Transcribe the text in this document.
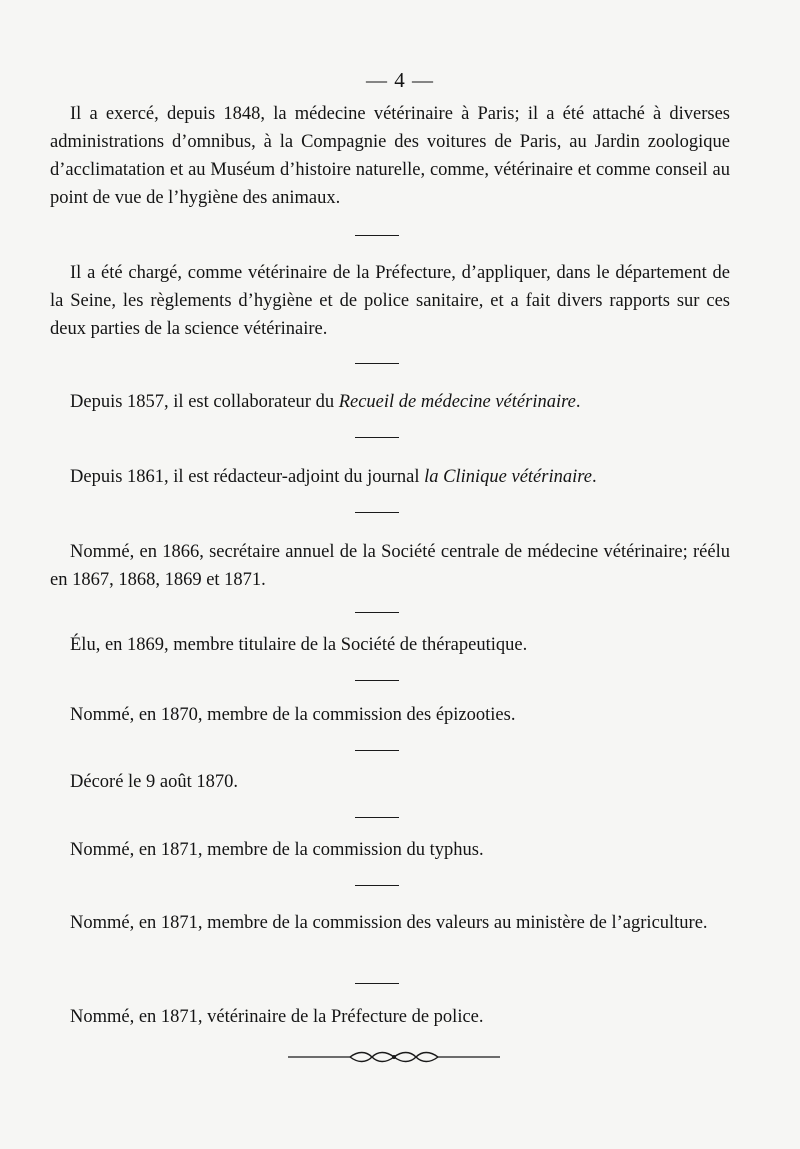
— 4 —

Il a exercé, depuis 1848, la médecine vétérinaire à Paris; il a été attaché à diverses administrations d’omnibus, à la Compagnie des voitures de Paris, au Jardin zoologique d’acclimatation et au Muséum d’histoire naturelle, comme, vétérinaire et comme conseil au point de vue de l’hygiène des animaux.

Il a été chargé, comme vétérinaire de la Préfecture, d’appliquer, dans le département de la Seine, les règlements d’hygiène et de police sanitaire, et a fait divers rapports sur ces deux parties de la science vétérinaire.

Depuis 1857, il est collaborateur du Recueil de médecine vétérinaire.

Depuis 1861, il est rédacteur-adjoint du journal la Clinique vétérinaire.

Nommé, en 1866, secrétaire annuel de la Société centrale de médecine vétérinaire; réélu en 1867, 1868, 1869 et 1871.

Élu, en 1869, membre titulaire de la Société de thérapeutique.

Nommé, en 1870, membre de la commission des épizooties.

Décoré le 9 août 1870.

Nommé, en 1871, membre de la commission du typhus.

Nommé, en 1871, membre de la commission des valeurs au ministère de l’agriculture.

Nommé, en 1871, vétérinaire de la Préfecture de police.
